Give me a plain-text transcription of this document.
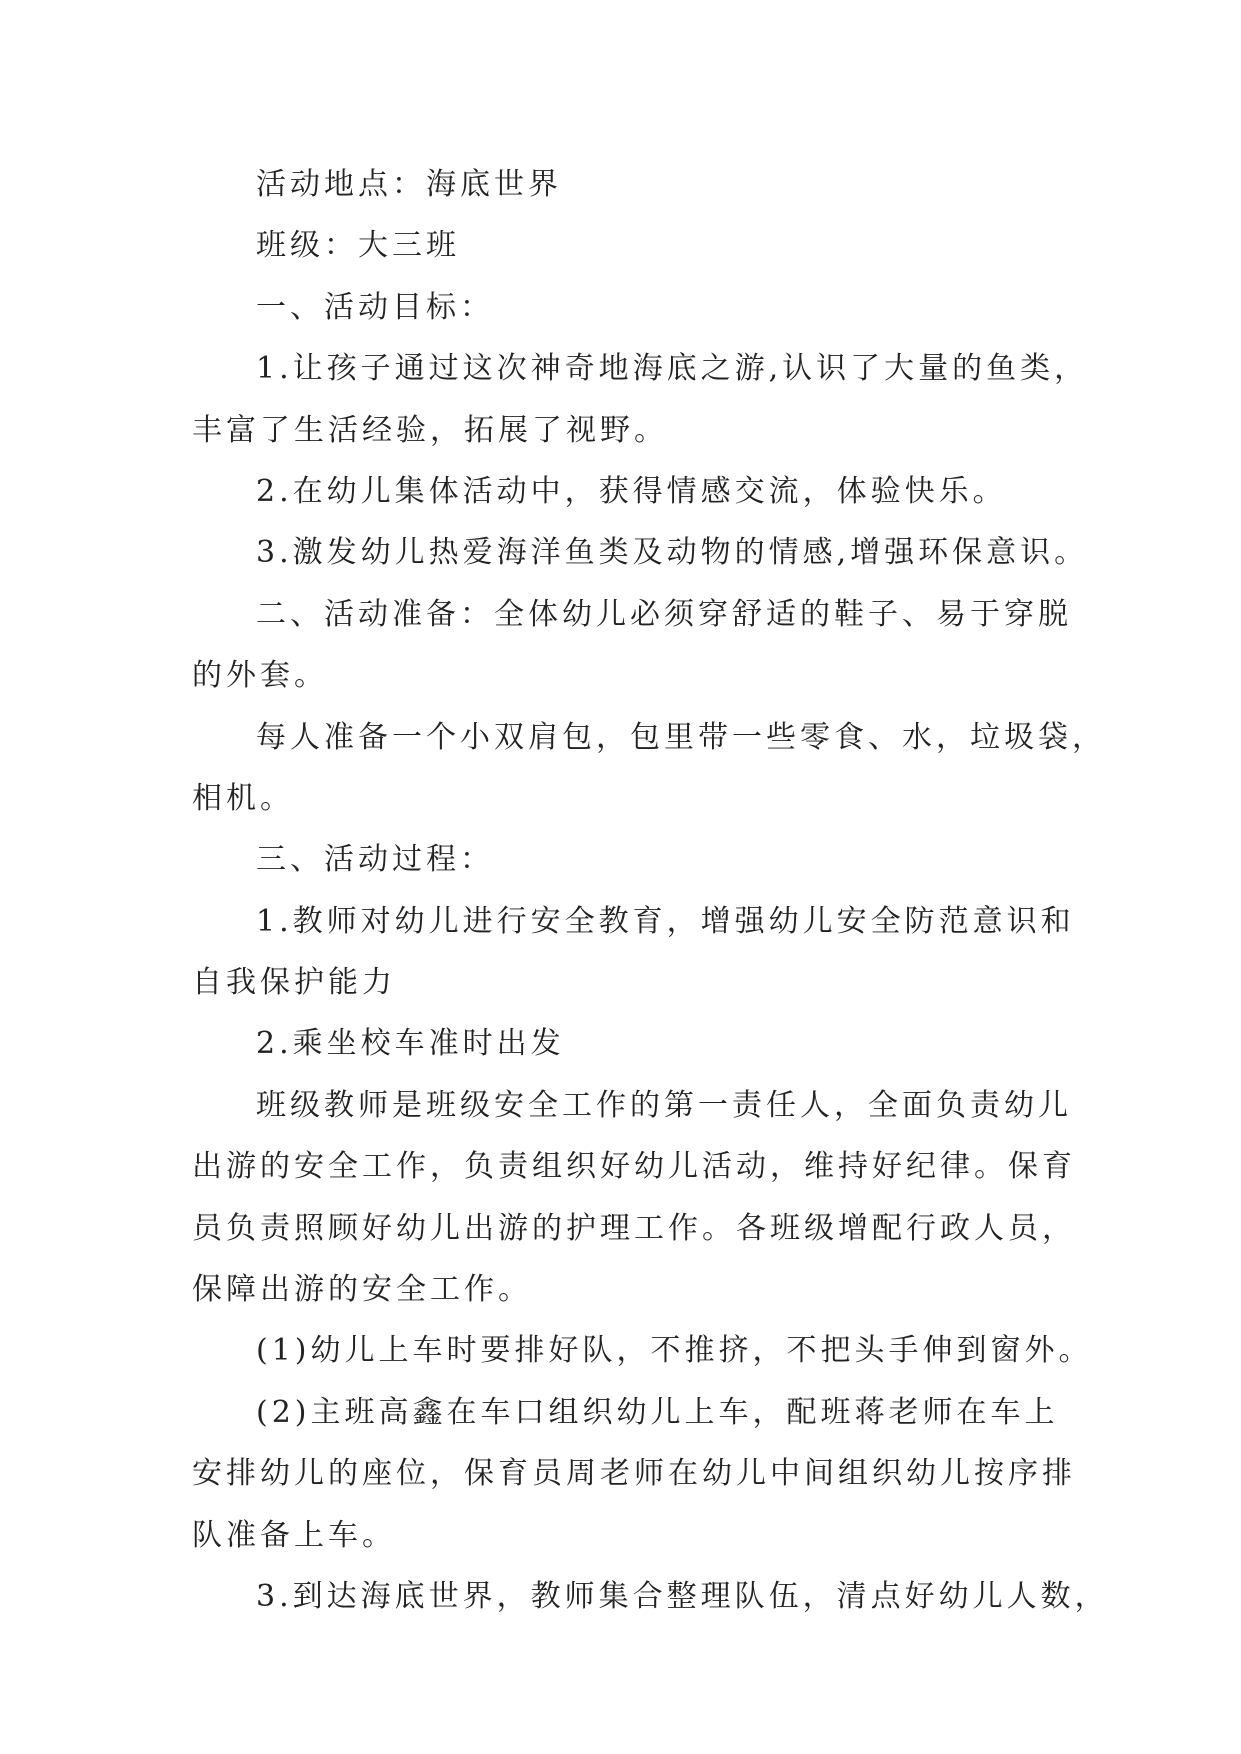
活动地点：海底世界
班级：大三班
一、活动目标：
1.让孩子通过这次神奇地海底之游,认识了大量的鱼类，
丰富了生活经验，拓展了视野。
2.在幼儿集体活动中，获得情感交流，体验快乐。
3.激发幼儿热爱海洋鱼类及动物的情感,增强环保意识。
二、活动准备：全体幼儿必须穿舒适的鞋子、易于穿脱
的外套。
每人准备一个小双肩包，包里带一些零食、水，垃圾袋，
相机。
三、活动过程：
1.教师对幼儿进行安全教育，增强幼儿安全防范意识和
自我保护能力
2.乘坐校车准时出发
班级教师是班级安全工作的第一责任人，全面负责幼儿
出游的安全工作，负责组织好幼儿活动，维持好纪律。保育
员负责照顾好幼儿出游的护理工作。各班级增配行政人员，
保障出游的安全工作。
(1)幼儿上车时要排好队，不推挤，不把头手伸到窗外。
(2)主班高鑫在车口组织幼儿上车，配班蒋老师在车上
安排幼儿的座位，保育员周老师在幼儿中间组织幼儿按序排
队准备上车。
3.到达海底世界，教师集合整理队伍，清点好幼儿人数，
